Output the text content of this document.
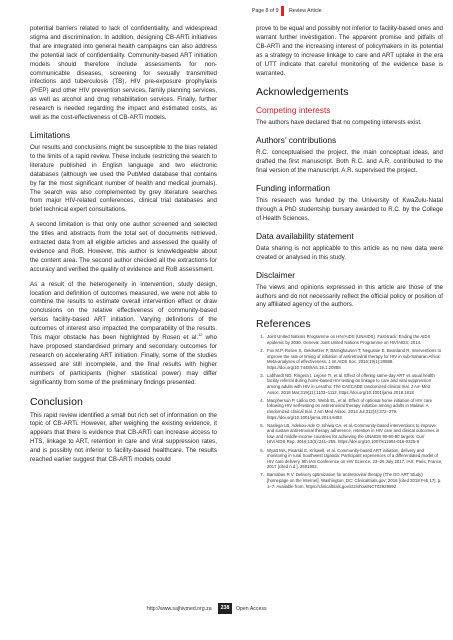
Page 8 of 9 Review Article

potential barriers related to lack of confidentiality, and widespread stigma and discrimination. In addition, designing CB-ARTi initiatives that are integrated into general health campaigns can also address the potential lack of confidentiality. Community-based ART initiation models should therefore include assessments for non-communicable diseases, screening for sexually transmitted infections and tuberculosis (TB), HIV pre-exposure prophylaxis (PrEP) and other HIV prevention services, family planning services, as well as alcohol and drug rehabilitation services. Finally, further research is needed regarding the impact and estimated costs, as well as the cost-effectiveness of CB-ARTi models.

Limitations

Our results and conclusions might be susceptible to the bias related to the limits of a rapid review. These include restricting the search to literature published in English language and two electronic databases (although we used the PubMed database that contains by far the most significant number of health and medical journals). The search was also complemented by grey literature searches from major HIV-related conferences, clinical trial databases and brief technical expert consultations.

A second limitation is that only one author screened and selected the titles and abstracts from the total set of documents retrieved, extracted data from all eligible articles and assessed the quality of evidence and RoB. However, this author is knowledgeable about the content area. The second author checked all the extractions for accuracy and verified the quality of evidence and RoB assessment.

As a result of the heterogeneity in intervention, study design, location and definition of outcomes measured, we were not able to combine the results to estimate overall intervention effect or draw conclusions on the relative effectiveness of community-based versus facility-based ART initiation. Varying definitions of the outcomes of interest also impacted the comparability of the results. This major obstacle has been highlighted by Rosen et al.$^{12}$ who have proposed standardised primary and secondary outcomes for research on accelerating ART initiation. Finally, some of the studies assessed are still incomplete, and the final results with higher numbers of participants (higher statistical power) may differ significantly from some of the preliminary findings presented.

Conclusion

This rapid review identified a small but rich set of information on the topic of CB-ARTi. However, after weighing the existing evidence, it appears that there is evidence that CB-ARTi can increase access to HTS, linkage to ART, retention in care and viral suppression rates, and is possibly not inferior to facility-based healthcare. The results reached earlier suggest that CB-ARTi models could

prove to be equal and possibly not inferior to facility-based ones and warrant further investigation. The apparent promise and pitfalls of CB-ARTi and the increasing interest of policymakers in its potential as a strategy to increase linkage to care and ART uptake in the era of UTT indicate that careful monitoring of the evidence base is warranted.

Acknowledgements
Competing interests

The authors have declared that no competing interests exist.

Authors’ contributions

R.C. conceptualised the project, the main conceptual ideas, and drafted the first manuscript. Both R.C. and A.R. contributed to the final version of the manuscript. A.R. supervised the project.

Funding information

This research was funded by the University of KwaZulu-Natal through a PhD studentship bursary awarded to R.C. by the College of Health Sciences.

Data availability statement

Data sharing is not applicable to this article as no new data were created or analysed in this study.

Disclaimer

The views and opinions expressed in this article are those of the authors and do not necessarily reflect the official policy or position of any affiliated agency of the authors.

References
1. Joint United Nations Programme on HIV/AIDS (UNAIDS). Fast-track: Ending the AIDS epidemic by 2030. Geneva: Joint United Nations Programme on HIV/AIDS; 2014.
2. Fox M.P, Rosen S, Geldsetzer P, Bärnighausen T, Negussie E, Beanland R. Interventions to improve the rate or timing of initiation of antiretroviral therapy for HIV in sub-Saharan Africa: Meta-analyses of effectiveness. J Int AIDS Soc. 2016;19(1):20888. https://doi.org/10.7448/IAS.19.1.20888
3. Labhardt ND, Ringera I, Lejone TI, et al. Effect of offering same-day ART vs usual health facility referral during home-based HIV testing on linkage to care and viral suppression among adults with HIV in Lesotho: The CASCADE randomized clinical trial. J Am Med Assoc. 2018 Mar;319(11):1103–1112. https://doi.org/10.1001/jama.2018.1818
4. Macpherson P, Lalloo DG, Webb EL, et al. Effect of optional home initiation of HIV care following HIV self-testing on antiretroviral therapy initiation among adults in Malawi: A randomized clinical trial. J Am Med Assoc. 2014 Jul;312(4):372–379. https://doi.org/10.1001/jama.2014.6493
5. Naslega LB, Adekou-Ade O, Ishiwa CA, et al. Community-based interventions to improve and sustain antiretroviral therapy adherence, retention in HIV care and clinical outcomes in low- and middle-income countries for achieving the UNAIDS 90-90-90 targets. Curr HIV/AIDS Rep. 2016;13(5):241–255. https://doi.org/10.1007/s11904-016-0325-9
6. Wyatt MA, Pisarski E, Kriswell, et al. Community-based ART initiation, delivery and monitoring in rural Southwest Uganda: Participant experiences of a differentiated model of HIV care delivery. 9th IAS Conference on HIV Science, 23–26 July 2017, IAS: Paris, France, 2017 [cited n.d.]. 2501902.
7. Barnabas R V. Delivery optimization for antiretroviral therapy (The DO ART Study) [homepage on the Internet]. Washington, DC: Clinicaltrials.gov; 2016 [cited 2018 Feb 17]. p. 1–7. Available from: https://clinicaltrials.gov/ct2/show/NCT02929992
http://www.sajhivmed.org.za	238	Open Access
